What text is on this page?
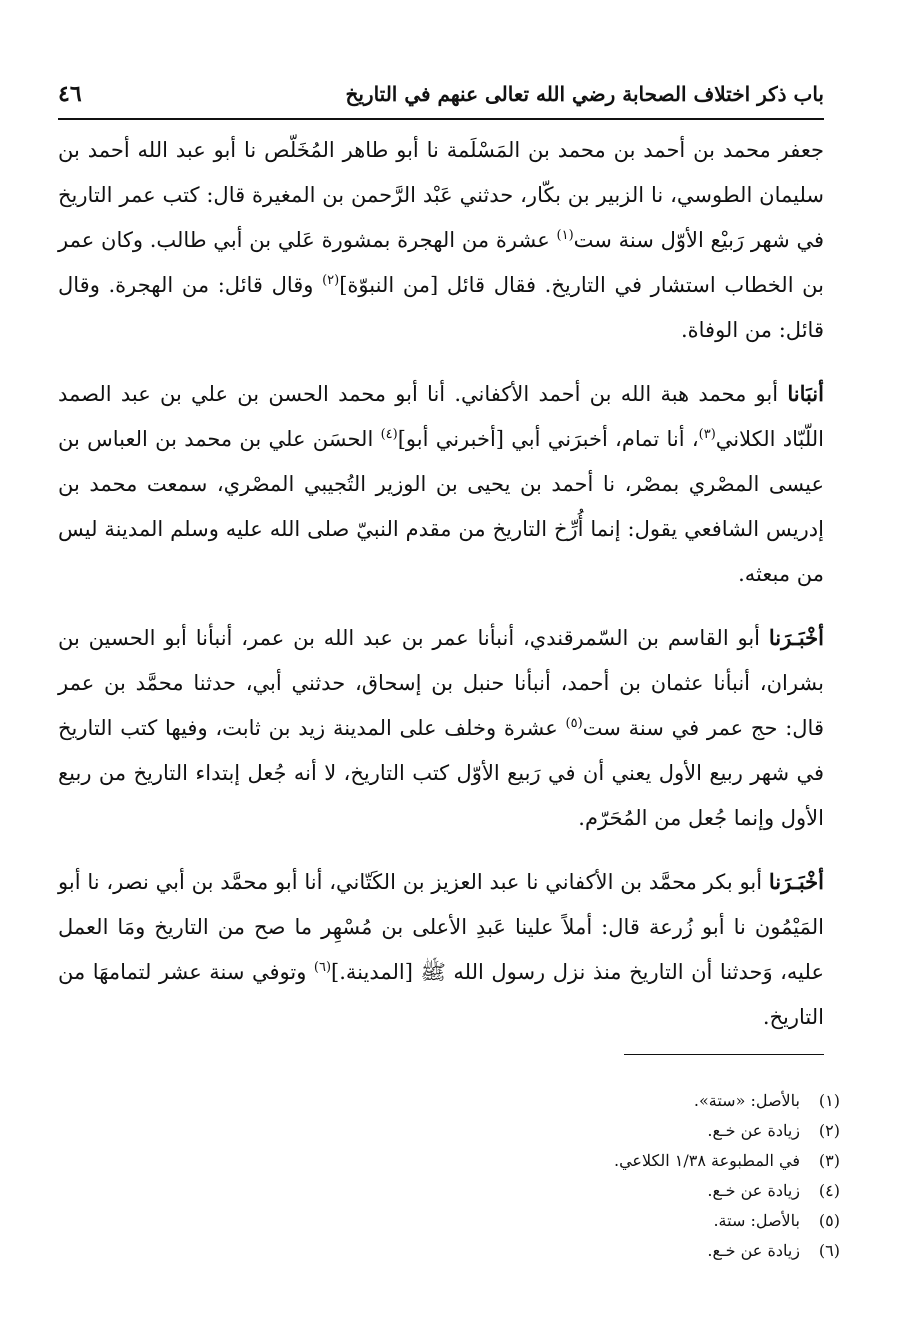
باب ذكر اختلاف الصحابة رضي الله تعالى عنهم في التاريخ
٤٦

جعفر محمد بن أحمد بن محمد بن المَسْلَمة نا أبو طاهر المُخَلّص نا أبو عبد الله أحمد بن سليمان الطوسي، نا الزبير بن بكّار، حدثني عَبْد الرَّحمن بن المغيرة قال: كتب عمر التاريخ في شهر رَبيْع الأوّل سنة ست$^{(١)}$ عشرة من الهجرة بمشورة عَلي بن أبي طالب. وكان عمر بن الخطاب استشار في التاريخ. فقال قائل [من النبوّة]$^{(٢)}$ وقال قائل: من الهجرة. وقال قائل: من الوفاة.

أنبَانا أبو محمد هبة الله بن أحمد الأكفاني. أنا أبو محمد الحسن بن علي بن عبد الصمد اللّبّاد الكلاني$^{(٣)}$، أنا تمام، أخبرَني أبي [أخبرني أبو]$^{(٤)}$ الحسَن علي بن محمد بن العباس بن عيسى المصْري بمصْر، نا أحمد بن يحيى بن الوزير التُجيبي المصْري، سمعت محمد بن إدريس الشافعي يقول: إنما أُرِّخ التاريخ من مقدم النبيّ صلى الله عليه وسلم المدينة ليس من مبعثه.

أخْبَـرَنا أبو القاسم بن السّمرقندي، أنبأنا عمر بن عبد الله بن عمر، أنبأنا أبو الحسين بن بشران، أنبأنا عثمان بن أحمد، أنبأنا حنبل بن إسحاق، حدثني أبي، حدثنا محمَّد بن عمر قال: حج عمر في سنة ست$^{(٥)}$ عشرة وخلف على المدينة زيد بن ثابت، وفيها كتب التاريخ في شهر ربيع الأول يعني أن في رَبيع الأوّل كتب التاريخ، لا أنه جُعل إبتداء التاريخ من ربيع الأول وإنما جُعل من المُحَرّم.

أخْبَـرَنا أبو بكر محمَّد بن الأكفاني نا عبد العزيز بن الكَتّاني، أنا أبو محمَّد بن أبي نصر، نا أبو المَيْمُون نا أبو زُرعة قال: أملاً علينا عَبدِ الأعلى بن مُسْهِر ما صح من التاريخ ومَا العمل عليه، وَحدثنا أن التاريخ منذ نزل رسول الله ﷺ [المدينة.]$^{(٦)}$ وتوفي سنة عشر لتمامهَا من التاريخ.

(١)
بالأصل: «ستة».
(٢)
زيادة عن خـع.
(٣)
في المطبوعة ١/٣٨ الكلاعي.
(٤)
زيادة عن خـع.
(٥)
بالأصل: ستة.
(٦)
زيادة عن خـع.
